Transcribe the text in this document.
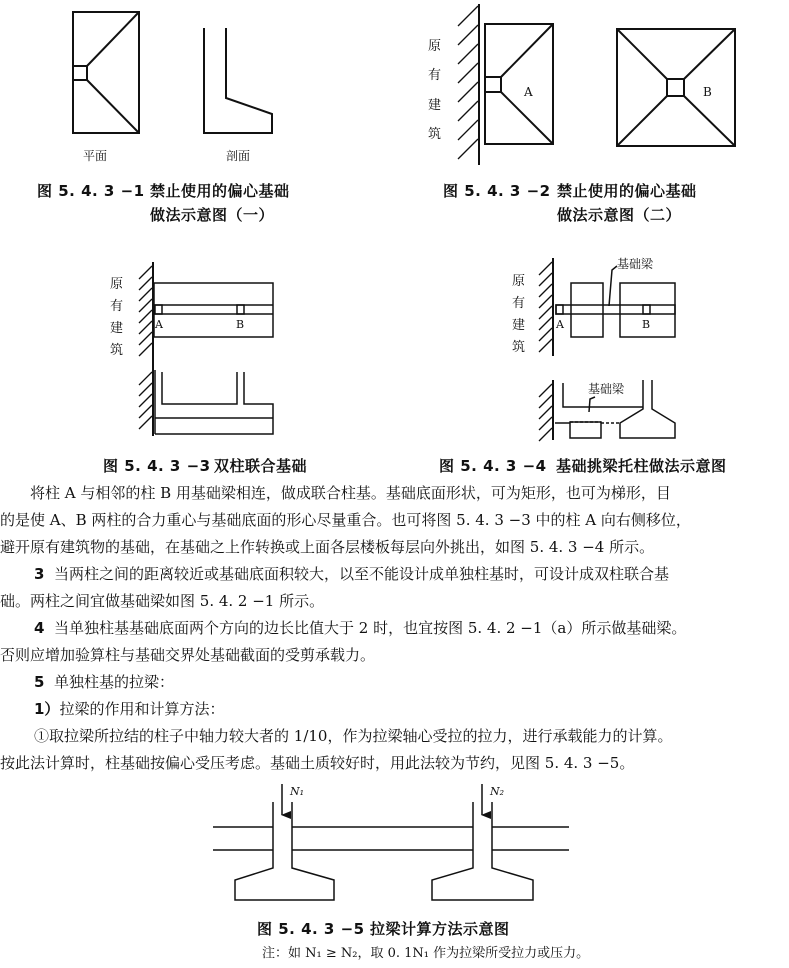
平面	剖面
原
有
建
筑
A	B
原
有
建
筑
A	B
原
有
建
筑
A	B
基础梁
基础梁
N₁	N₂
图 5. 4. 3 −1 禁止使用的偏心基础
做法示意图（一）
图 5. 4. 3 −2 禁止使用的偏心基础
做法示意图（二）
图 5. 4. 3 −3 双柱联合基础	图 5. 4. 3 −4 基础挑梁托柱做法示意图
图 5. 4. 3 −5 拉梁计算方法示意图
注：如 N₁ ≥ N₂，取 0. 1N₁ 作为拉梁所受拉力或压力。
将柱 A 与相邻的柱 B 用基础梁相连，做成联合柱基。基础底面形状，可为矩形，也可为梯形，目
的是使 A、B 两柱的合力重心与基础底面的形心尽量重合。也可将图 5. 4. 3 −3 中的柱 A 向右侧移位，
避开原有建筑物的基础，在基础之上作转换或上面各层楼板每层向外挑出，如图 5. 4. 3 −4 所示。
3 当两柱之间的距离较近或基础底面积较大，以至不能设计成单独柱基时，可设计成双柱联合基
础。两柱之间宜做基础梁如图 5. 4. 2 −1 所示。
4 当单独柱基基础底面两个方向的边长比值大于 2 时，也宜按图 5. 4. 2 −1（a）所示做基础梁。
否则应增加验算柱与基础交界处基础截面的受剪承载力。
5 单独柱基的拉梁：
1）拉梁的作用和计算方法：
①取拉梁所拉结的柱子中轴力较大者的 1/10，作为拉梁轴心受拉的拉力，进行承载能力的计算。
按此法计算时，柱基础按偏心受压考虑。基础土质较好时，用此法较为节约，见图 5. 4. 3 −5。
